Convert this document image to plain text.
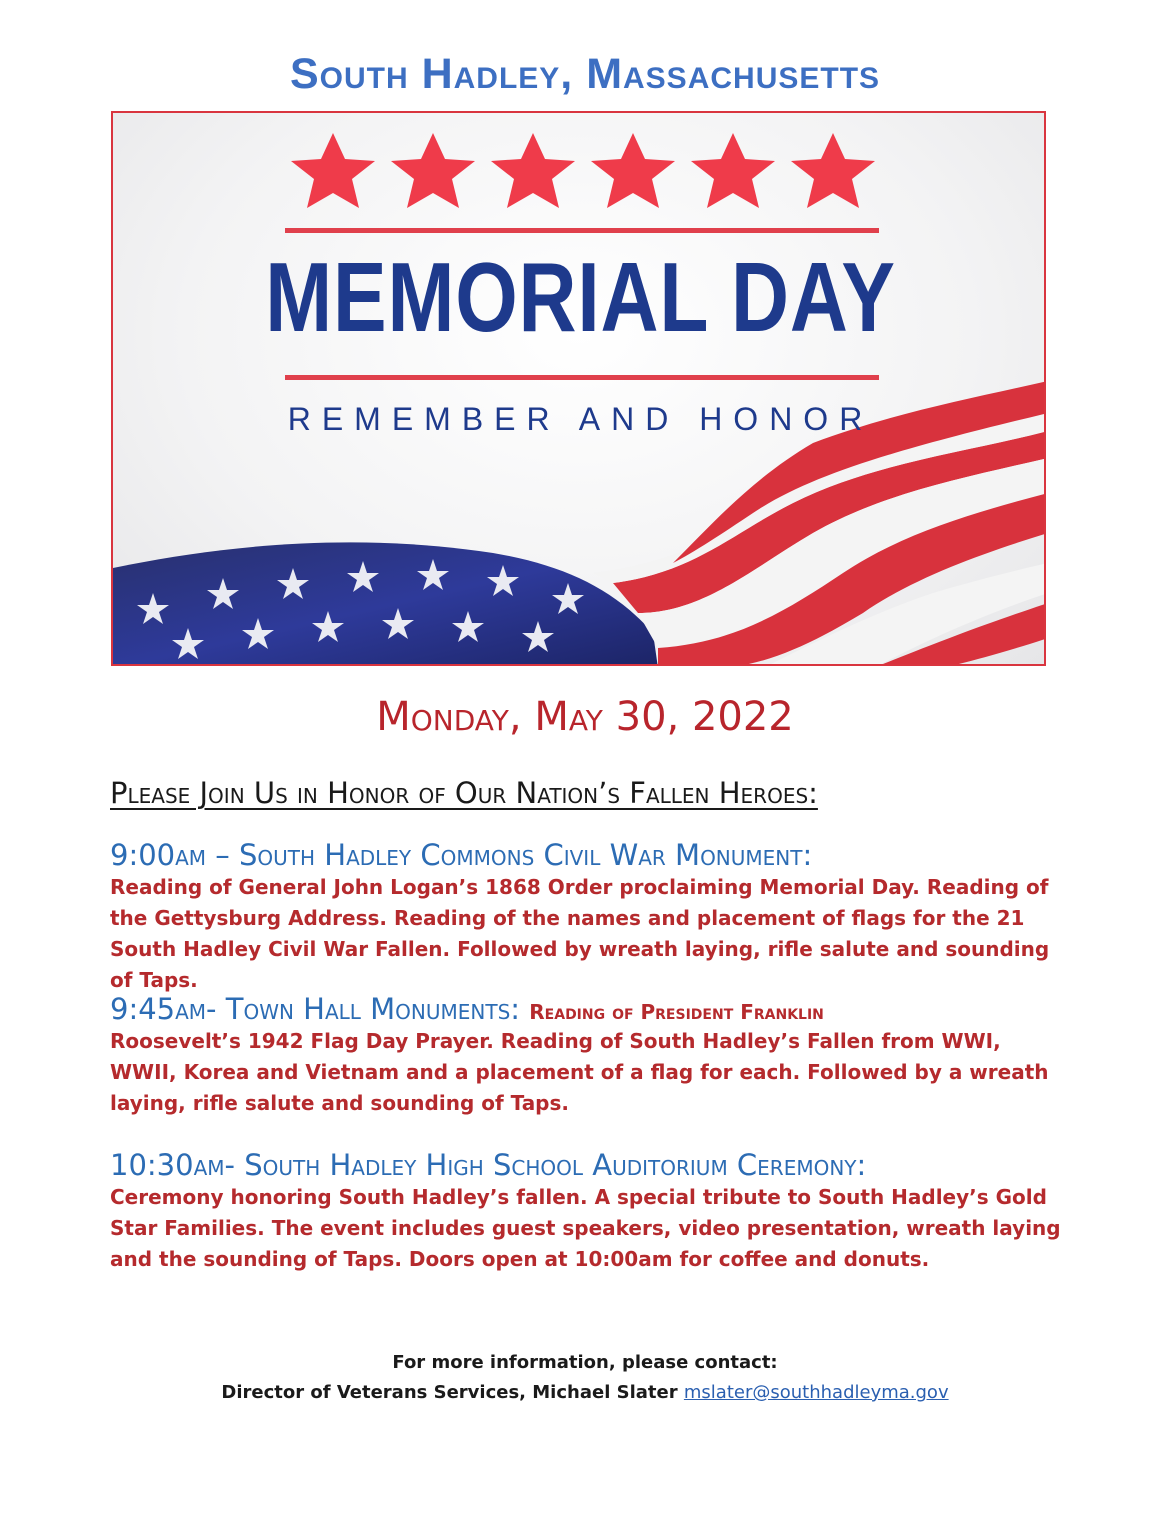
South Hadley, Massachusetts
MEMORIAL DAY
REMEMBER AND HONOR
Monday, May 30, 2022
Please Join Us in Honor of Our Nation’s Fallen Heroes:
9:00am – South Hadley Commons Civil War Monument:
Reading of General John Logan’s 1868 Order proclaiming Memorial Day. Reading of the Gettysburg Address. Reading of the names and placement of flags for the 21 South Hadley Civil War Fallen. Followed by wreath laying, rifle salute and sounding of Taps.
9:45am- Town Hall Monuments: Reading of President Franklin
Roosevelt’s 1942 Flag Day Prayer. Reading of South Hadley’s Fallen from WWI, WWII, Korea and Vietnam and a placement of a flag for each. Followed by a wreath laying, rifle salute and sounding of Taps.
10:30am- South Hadley High School Auditorium Ceremony:
Ceremony honoring South Hadley’s fallen. A special tribute to South Hadley’s Gold Star Families. The event includes guest speakers, video presentation, wreath laying and the sounding of Taps. Doors open at 10:00am for coffee and donuts.
For more information, please contact:
Director of Veterans Services, Michael Slater mslater@southhadleyma.gov
